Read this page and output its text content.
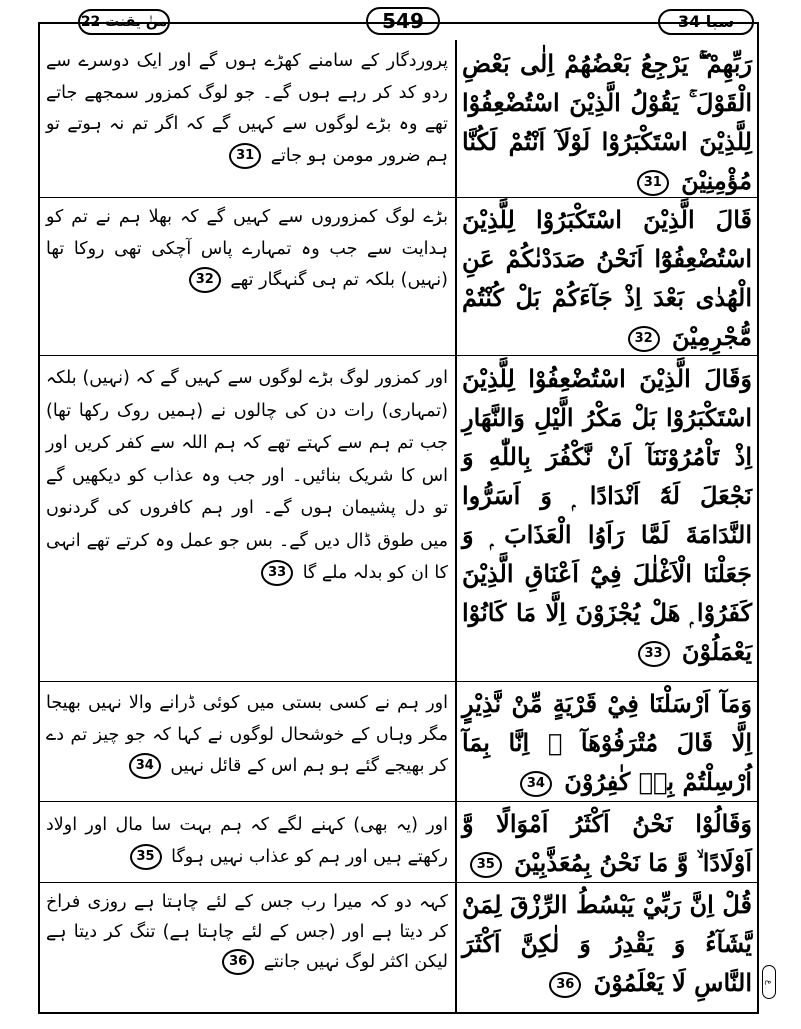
سبا 34
549
منٰ یقنت 22
رَبِّهِمْ ۖۚ يَرْجِعُ بَعْضُهُمْ اِلٰى بَعْضِ الْقَوْلَ ۚ يَقُوْلُ الَّذِيْنَ اسْتُضْعِفُوْا لِلَّذِيْنَ اسْتَكْبَرُوْا لَوْلَآ اَنْتُمْ لَكُنَّا مُؤْمِنِيْنَ 31
پروردگار کے سامنے کھڑے ہوں گے اور ایک دوسرے سے ردو کد کر رہے ہوں گے۔ جو لوگ کمزور سمجھے جاتے تھے وہ بڑے لوگوں سے کہیں گے کہ اگر تم نہ ہوتے تو ہم ضرور مومن ہو جاتے 31
قَالَ الَّذِيْنَ اسْتَكْبَرُوْا لِلَّذِيْنَ اسْتُضْعِفُوْٓا اَنَحْنُ صَدَدْنٰكُمْ عَنِ الْهُدٰى بَعْدَ اِذْ جَآءَكُمْ بَلْ كُنْتُمْ مُّجْرِمِيْنَ 32
بڑے لوگ کمزوروں سے کہیں گے کہ بھلا ہم نے تم کو ہدایت سے جب وہ تمہارے پاس آچکی تھی روکا تھا (نہیں) بلکہ تم ہی گنہگار تھے 32
وَقَالَ الَّذِيْنَ اسْتُضْعِفُوْا لِلَّذِيْنَ اسْتَكْبَرُوْا بَلْ مَكْرُ الَّيْلِ وَالنَّهَارِ اِذْ تَاْمُرُوْنَنَآ اَنْ نَّكْفُرَ بِاللّٰهِ وَ نَجْعَلَ لَهٗٓ اَنْدَادًا ۭ وَ اَسَرُّوا النَّدَامَةَ لَمَّا رَاَوُا الْعَذَابَ ۭ وَ جَعَلْنَا الْاَغْلٰلَ فِيْٓ اَعْنَاقِ الَّذِيْنَ كَفَرُوْا ۭ هَلْ يُجْزَوْنَ اِلَّا مَا كَانُوْا يَعْمَلُوْنَ 33
اور کمزور لوگ بڑے لوگوں سے کہیں گے کہ (نہیں) بلکہ (تمہاری) رات دن کی چالوں نے (ہمیں روک رکھا تھا) جب تم ہم سے کہتے تھے کہ ہم اللہ سے کفر کریں اور اس کا شریک بنائیں۔ اور جب وہ عذاب کو دیکھیں گے تو دل پشیمان ہوں گے۔ اور ہم کافروں کی گردنوں میں طوق ڈال دیں گے۔ بس جو عمل وہ کرتے تھے انہی کا ان کو بدلہ ملے گا 33
وَمَآ اَرْسَلْنَا فِيْ قَرْيَةٍ مِّنْ نَّذِيْرٍ اِلَّا قَالَ مُتْرَفُوْهَآ ۙ اِنَّا بِمَآ اُرْسِلْتُمْ بِهٖ كٰفِرُوْنَ 34
اور ہم نے کسی بستی میں کوئی ڈرانے والا نہیں بھیجا مگر وہاں کے خوشحال لوگوں نے کہا کہ جو چیز تم دے کر بھیجے گئے ہو ہم اس کے قائل نہیں 34
وَقَالُوْا نَحْنُ اَكْثَرُ اَمْوَالًا وَّ اَوْلَادًا ۙ وَّ مَا نَحْنُ بِمُعَذَّبِيْنَ 35
اور (یہ بھی) کہنے لگے کہ ہم بہت سا مال اور اولاد رکھتے ہیں اور ہم کو عذاب نہیں ہوگا 35
قُلْ اِنَّ رَبِّيْ يَبْسُطُ الرِّزْقَ لِمَنْ يَّشَآءُ وَ يَقْدِرُ وَ لٰكِنَّ اَكْثَرَ النَّاسِ لَا يَعْلَمُوْنَ 36
کہہ دو کہ میرا رب جس کے لئے چاہتا ہے روزی فراخ کر دیتا ہے اور (جس کے لئے چاہتا ہے) تنگ کر دیتا ہے لیکن اکثر لوگ نہیں جانتے 36
ع
